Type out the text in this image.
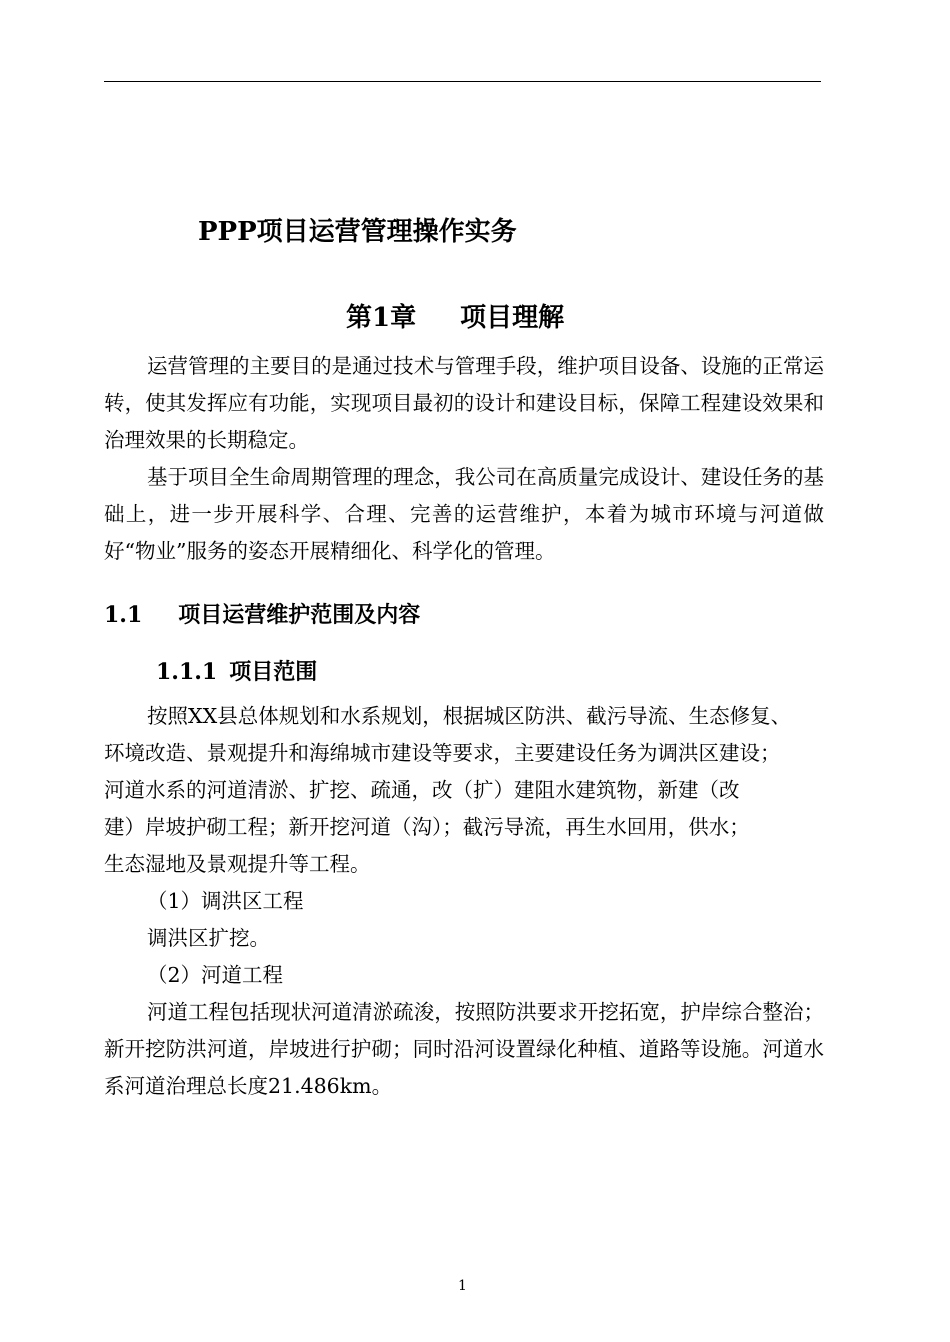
PPP项目运营管理操作实务
第1章 项目理解

运营管理的主要目的是通过技术与管理手段，维护项目设备、设施的正常运转，使其发挥应有功能，实现项目最初的设计和建设目标，保障工程建设效果和治理效果的长期稳定。

基于项目全生命周期管理的理念，我公司在高质量完成设计、建设任务的基础上，进一步开展科学、合理、完善的运营维护，本着为城市环境与河道做好“物业”服务的姿态开展精细化、科学化的管理。

1.1 项目运营维护范围及内容
1.1.1 项目范围

按照XX县总体规划和水系规划，根据城区防洪、截污导流、生态修复、

环境改造、景观提升和海绵城市建设等要求，主要建设任务为调洪区建设；

河道水系的河道清淤、扩挖、疏通，改（扩）建阻水建筑物，新建（改

建）岸坡护砌工程；新开挖河道（沟）；截污导流，再生水回用，供水；

生态湿地及景观提升等工程。

（1）调洪区工程

调洪区扩挖。

（2）河道工程

河道工程包括现状河道清淤疏浚，按照防洪要求开挖拓宽，护岸综合整治；新开挖防洪河道，岸坡进行护砌；同时沿河设置绿化种植、道路等设施。河道水系河道治理总长度21.486km。

1
